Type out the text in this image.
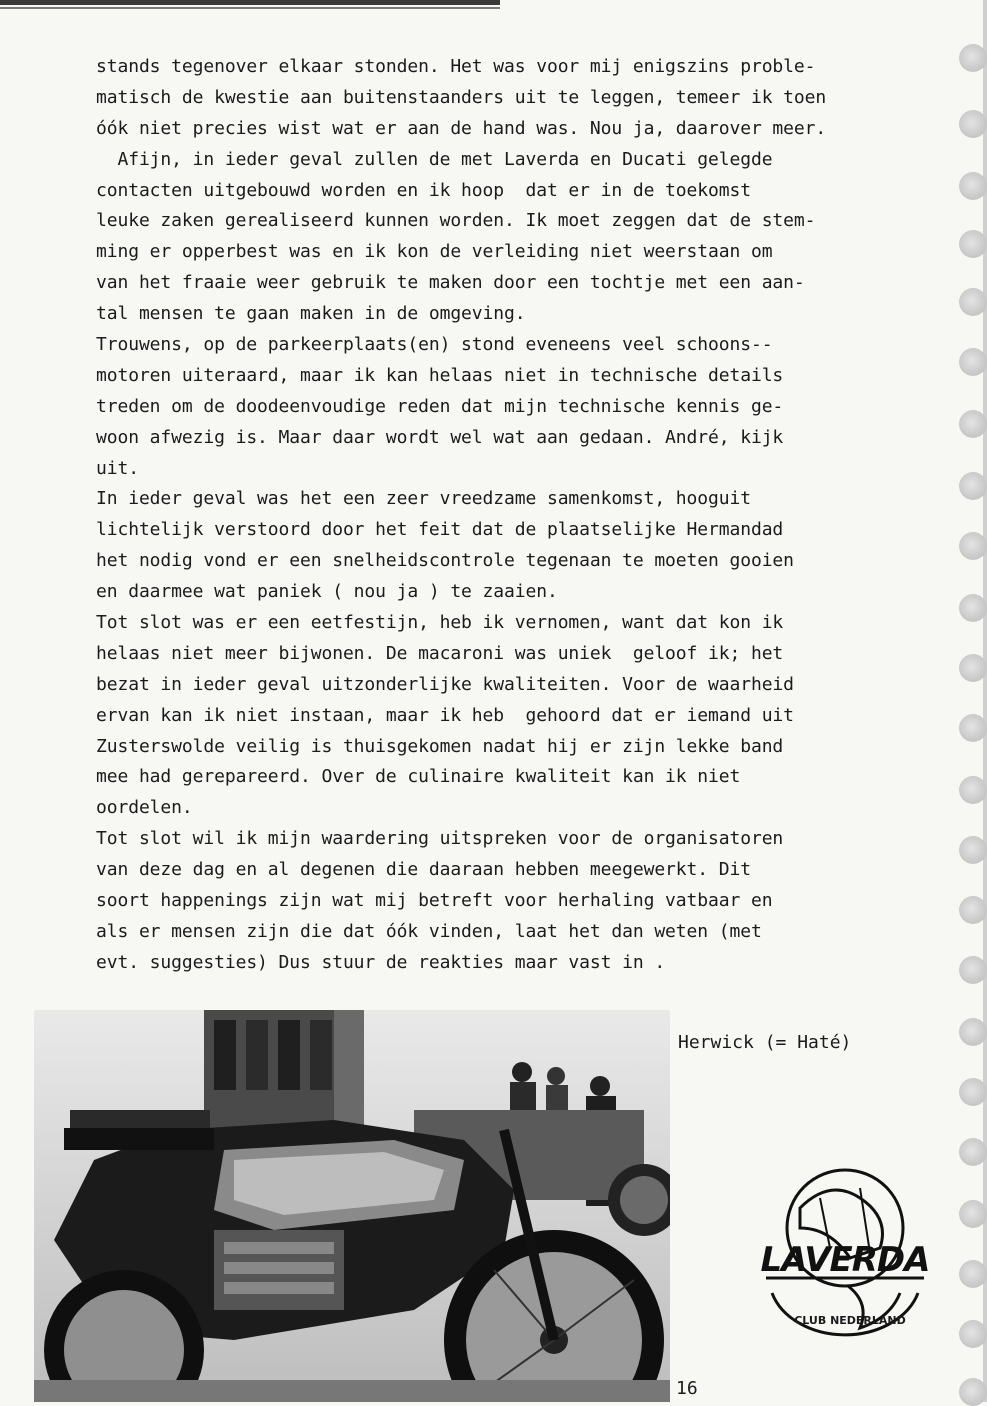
stands tegenover elkaar stonden. Het was voor mij enigszins proble-
matisch de kwestie aan buitenstaanders uit te leggen, temeer ik toen
óók niet precies wist wat er aan de hand was. Nou ja, daarover meer.
Afijn, in ieder geval zullen de met Laverda en Ducati gelegde
contacten uitgebouwd worden en ik hoop  dat er in de toekomst
leuke zaken gerealiseerd kunnen worden. Ik moet zeggen dat de stem-
ming er opperbest was en ik kon de verleiding niet weerstaan om
van het fraaie weer gebruik te maken door een tochtje met een aan-
tal mensen te gaan maken in de omgeving.
Trouwens, op de parkeerplaats(en) stond eveneens veel schoons--
motoren uiteraard, maar ik kan helaas niet in technische details
treden om de doodeenvoudige reden dat mijn technische kennis ge-
woon afwezig is. Maar daar wordt wel wat aan gedaan. André, kijk
uit.
In ieder geval was het een zeer vreedzame samenkomst, hooguit
lichtelijk verstoord door het feit dat de plaatselijke Hermandad
het nodig vond er een snelheidscontrole tegenaan te moeten gooien
en daarmee wat paniek ( nou ja ) te zaaien.
Tot slot was er een eetfestijn, heb ik vernomen, want dat kon ik
helaas niet meer bijwonen. De macaroni was uniek  geloof ik; het
bezat in ieder geval uitzonderlijke kwaliteiten. Voor de waarheid
ervan kan ik niet instaan, maar ik heb  gehoord dat er iemand uit
Zusterswolde veilig is thuisgekomen nadat hij er zijn lekke band
mee had gerepareerd. Over de culinaire kwaliteit kan ik niet
oordelen.
Tot slot wil ik mijn waardering uitspreken voor de organisatoren
van deze dag en al degenen die daaraan hebben meegewerkt. Dit
soort happenings zijn wat mij betreft voor herhaling vatbaar en
als er mensen zijn die dat óók vinden, laat het dan weten (met
evt. suggesties) Dus stuur de reakties maar vast in .
Herwick (= Haté)
LAVERDA
CLUB NEDERLAND
16
